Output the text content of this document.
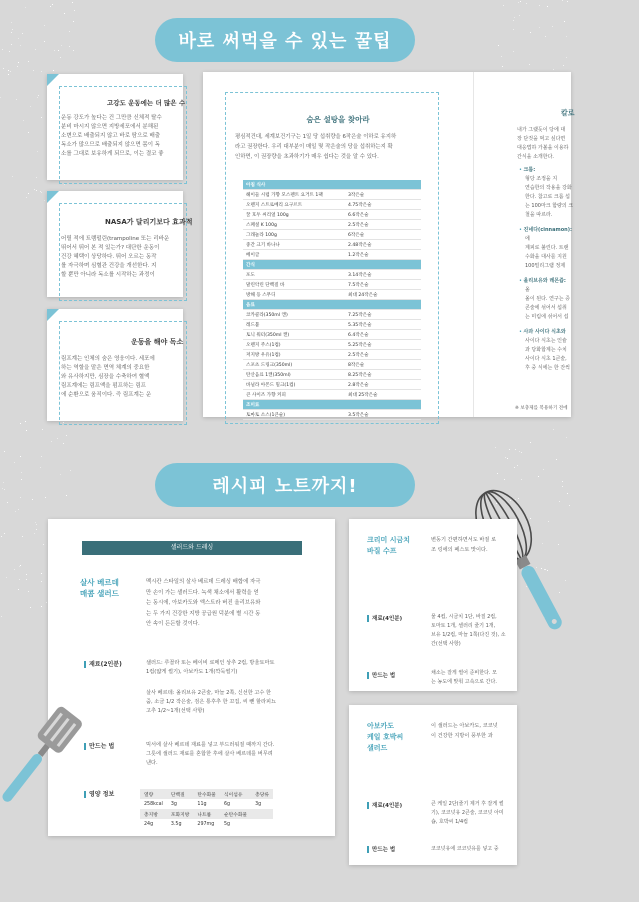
바로 써먹을 수 있는 꿀팁
고강도 운동에는 더 많은 수
운동 강도가 높다는 건 그만큼 신체적 탈수
분비 마시지 않으면 지방세포에서 분해된
소변으로 배출되지 않고 바로 땀으로 배출
독소가 많으므로 배출되지 않으면 몸이 독
소를 그대로 보유하게 되므로, 이는 결코 좋
NASA가 달리기보다 효과적
어릴 적에 트램펄린(trampoline 또는 리바운
뛰어서 뛰어 본 적 있는가? 대단한 운동이
건강 혜택이 상당하다. 뛰어 오르는 동작
를 자극하며 심혈관 건강을 개선한다. 지
할 뿐만 아니라 독소를 시작하는 과정이
운동을 해야 독소
림프계는 인체의 숨은 영웅이다. 세포에
하는 역할을 맡은 면역 체계의 중요한
와 유사하지만, 심장을 수축하여 혈액
림프계에는 림프액을 펌프하는 림프
에 순환으로 움직이다. 즉 림프계는 운
숨은 설탕을 찾아라
평심적건대, 세계보건기구는 1일 당 섭취량을 6작은술 이하로 유지하
라고 권장한다. 우리 대부분이 매일 몇 작은술의 당을 섭취하는지 확
인하면, 이 권장량을 초과하기가 매우 쉽다는 것을 알 수 있다.
아침 식사	
헤이들 시럽 가향 모스펜트 요거트 1팩	3작은술
오렌지 스트로베리 요구르트	4.75작은술
꿀 호두 씨리얼 100g	6.6작은술
스페셜 K 100g	2.5작은술
그래놀라 100g	6작은술
중간 크기 바나나	2.48작은술
베이글	1.2작은술
간식	
포도	3.14작은술
말린악린 단백질 바	7.5작은술
방해 등 스무디	최대 24작은술
음료	
코카콜라(350ml 캔)	7.25작은술
레드불	5.35작은술
토닉 워터(350ml 캔)	6.4작은술
오렌지 주스(1컵)	5.25작은술
저지방 우유(1컵)	2.5작은술
스포츠 드링크(350ml)	8작은술
탄산음료 1캔(350ml)	8.25작은술
바닐라 아몬드 밀크(1컵)	2.8작은술
큰 사이즈 가향 커피	최대 25작은술
조미료	
토마토 소스(1큰술)	3.5작은술
칼로
내가 그랬듯이 당에 대
장 단것을 먹고 싶다면
대응법하 가볼을 이용하
간식을 소개한다.
• 크롬:
형당 조정을 지
연습한의 작용을 강화
한다. 참고로 크롬 섭
는 100마크 함량의 크
철을 따르라.
• 진네다(cinnamon):
에
계피로 불린다. 트랜
수화을 대사를 지원
100밀리그램 정제
• 올리브유와 레몬즙:
올
올이 된다. 연구는 증
콘술에 섞어서 섭취
는 미림에 섞어서 섭
• 사과 사이다 식초와
사이다 식초는 인슐
과 당화합계는 수치
사이다 식초 1큰술,
후 중 식에는 한 잔씩
※ 보충제를 복용하기 전에
레시피 노트까지!
샐러드와 드레싱
살사 베르데
매콤 샐러드
멕시칸 스타일의 살사 베르데 드레싱 배합에 자극
만 손이 가는 샐러드다. 녹색 채소에서 활력을 얻
는 동시에, 아보카도와 엑스트라 버진 올리브유와
는 두 가지 건강한 지방 공급원 덕분에 별 시간 동
안 속이 든든할 것이다.
재료(2인분)	샐러드: 루꼴라 또는 베이비 로메인 상추 2컵, 방울토마토
1컵(얇게 썰기), 아보카도 1개(깍둑썰기)
살사 베르데: 올리브유 2큰술, 마늘 2쪽, 신선한 고수 한
줌, 소금 1/2 작은술, 검은 통후추 한 꼬집, 씨 뺀 할라피뇨
고추 1/2~1개(선택 사항)
만드는 법	믹서에 살사 베르데 재료를 넣고 부드러워질 때까지 간다.
그릇에 샐러드 재료를 혼합한 후에 살사 베르데를 버무려
낸다.
영양 정보	열량	단백질	탄수화물	식이섬유	총당류
258kcal	3g	11g	6g	3g
총지방	포화지방	나트륨	순탄수화물	
24g	3.5g	297mg	5g	
크리미 시금치
바질 수프
변동기 간편하면서도 바질 로
조 링에의 페스토 맛이다.
재료(4인분)	물 4컵, 시금치 1단, 바질 2컵,
토마토 1개, 셀러리 줄기 1개,
브유 1/2컵, 마늘 1쪽(다진 것), 소
간(선택 사항)
만드는 법	채소는 잘게 썰어 준비한다. 모
는 농도에 맞춰 고속으로 간다.
아보카도
케일 호박씨
샐러드
이 샐러드는 아보카도, 코코넛
이 건강한 지방이 풍부한 과
재료(4인분)	큰 케일 2단(줄기 제거 후 잘게 썰
기), 코코넛유 2큰술, 코코넛 아미
숍, 호박씨 1/4컵
만드는 법	코코넛유에 코코넛유를 넣고 중
